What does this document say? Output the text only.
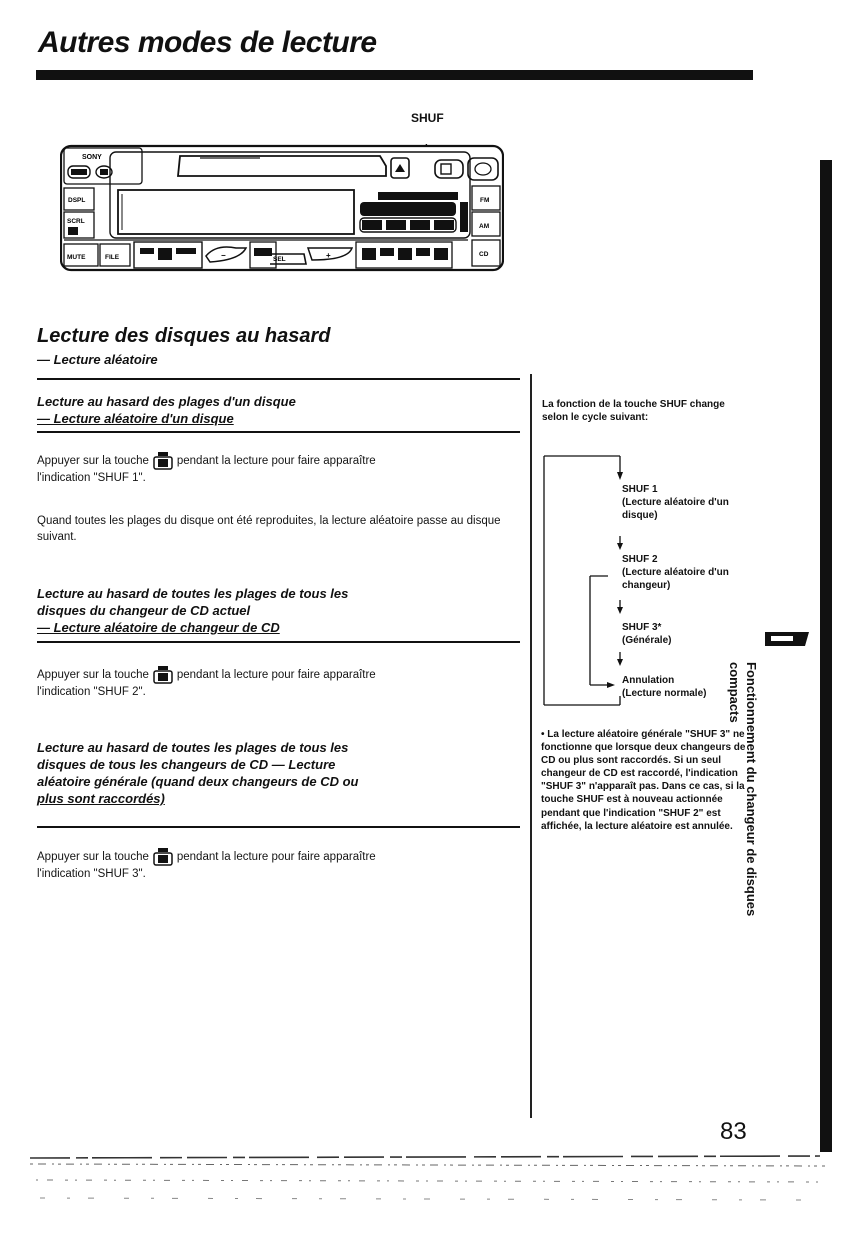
Autres modes de lecture
SHUF
SONY
DSPL
SCRL
FM
AM
CD
MUTE	FILE	−	SEL	+
Lecture des disques au hasard
— Lecture aléatoire
Lecture au hasard des plages d'un disque
— Lecture aléatoire d'un disque
Appuyer sur la touche pendant la lecture pour faire apparaître
l'indication "SHUF 1".
Quand toutes les plages du disque ont été reproduites, la lecture aléatoire passe au disque suivant.
Lecture au hasard de toutes les plages de tous les
disques du changeur de CD actuel
— Lecture aléatoire de changeur de CD
Appuyer sur la touche pendant la lecture pour faire apparaître
l'indication "SHUF 2".
Lecture au hasard de toutes les plages de tous les
disques de tous les changeurs de CD — Lecture
aléatoire générale (quand deux changeurs de CD ou
plus sont raccordés)
Appuyer sur la touche pendant la lecture pour faire apparaître
l'indication "SHUF 3".
La fonction de la touche SHUF change selon le cycle suivant:
SHUF 1
(Lecture aléatoire d'un disque)
SHUF 2
(Lecture aléatoire d'un changeur)
SHUF 3*
(Générale)
Annulation
(Lecture normale)
• La lecture aléatoire générale "SHUF 3" ne fonctionne que lorsque deux changeurs de CD ou plus sont raccordés. Si un seul changeur de CD est raccordé, l'indication "SHUF 3" n'apparaît pas. Dans ce cas, si la touche SHUF est à nouveau actionnée pendant que l'indication "SHUF 2" est affichée, la lecture aléatoire est annulée. Fonctionnement du changeur de disques compacts
83
